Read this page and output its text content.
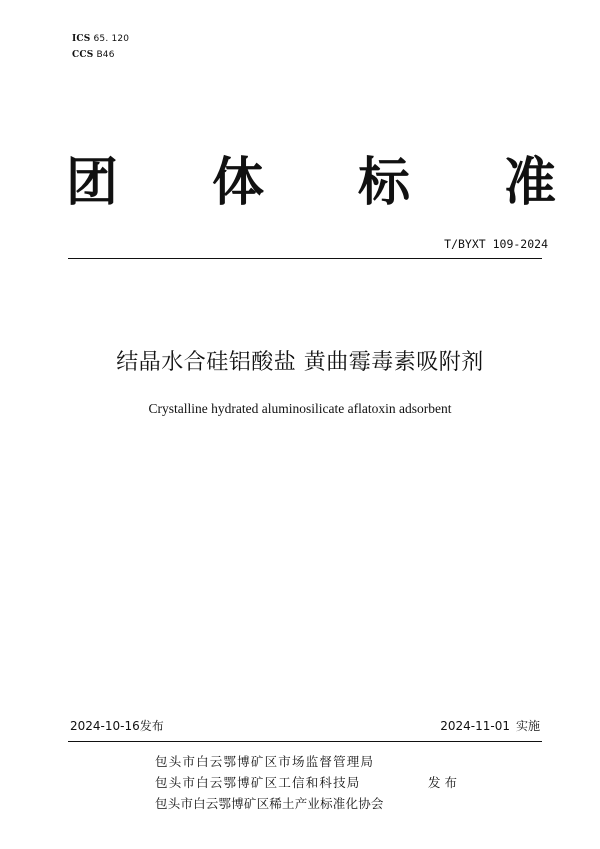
ICS 65. 120
CCS B46
团 体 标 准
T/BYXT 109-2024
结晶水合硅铝酸盐 黄曲霉毒素吸附剂
Crystalline hydrated aluminosilicate aflatoxin adsorbent
2024-10-16发布	2024-11-01 实施
包头市白云鄂博矿区市场监督管理局
包头市白云鄂博矿区工信和科技局
包头市白云鄂博矿区稀土产业标准化协会
发布
